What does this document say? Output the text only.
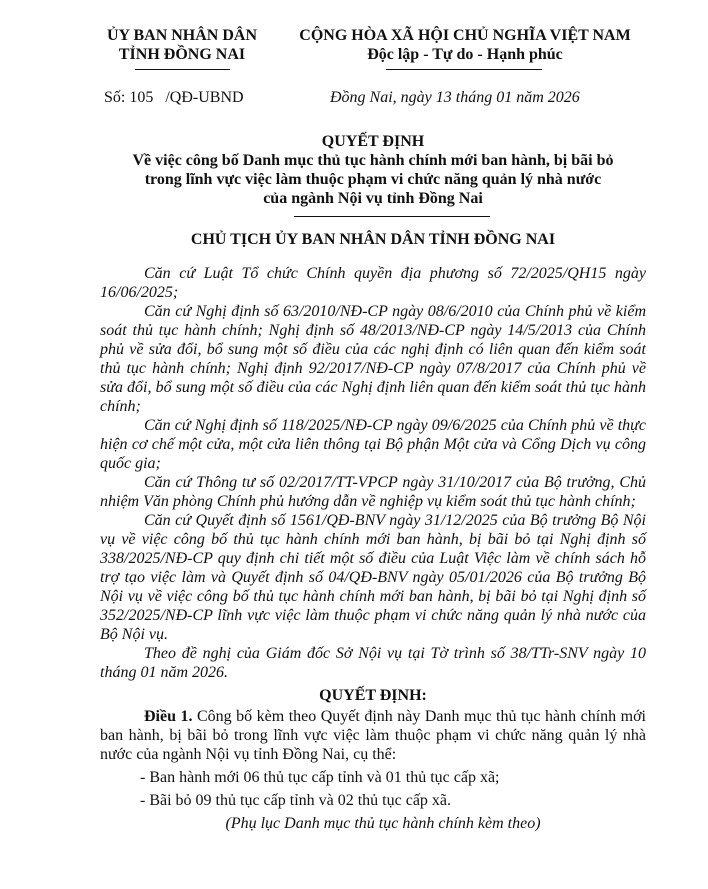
ỦY BAN NHÂN DÂN
TỈNH ĐỒNG NAI
CỘNG HÒA XÃ HỘI CHỦ NGHĨA VIỆT NAM
Độc lập - Tự do - Hạnh phúc
Số: 105 /QĐ-UBND	Đồng Nai, ngày 13 tháng 01 năm 2026
QUYẾT ĐỊNH
Về việc công bố Danh mục thủ tục hành chính mới ban hành, bị bãi bỏ
trong lĩnh vực việc làm thuộc phạm vi chức năng quản lý nhà nước
của ngành Nội vụ tỉnh Đồng Nai
CHỦ TỊCH ỦY BAN NHÂN DÂN TỈNH ĐỒNG NAI

Căn cứ Luật Tổ chức Chính quyền địa phương số 72/2025/QH15 ngày 16/06/2025;

Căn cứ Nghị định số 63/2010/NĐ-CP ngày 08/6/2010 của Chính phủ về kiểm soát thủ tục hành chính; Nghị định số 48/2013/NĐ-CP ngày 14/5/2013 của Chính phủ về sửa đổi, bổ sung một số điều của các nghị định có liên quan đến kiểm soát thủ tục hành chính; Nghị định 92/2017/NĐ-CP ngày 07/8/2017 của Chính phủ về sửa đổi, bổ sung một số điều của các Nghị định liên quan đến kiểm soát thủ tục hành chính;

Căn cứ Nghị định số 118/2025/NĐ-CP ngày 09/6/2025 của Chính phủ về thực hiện cơ chế một cửa, một cửa liên thông tại Bộ phận Một cửa và Cổng Dịch vụ công quốc gia;

Căn cứ Thông tư số 02/2017/TT-VPCP ngày 31/10/2017 của Bộ trưởng, Chủ nhiệm Văn phòng Chính phủ hướng dẫn về nghiệp vụ kiểm soát thủ tục hành chính;

Căn cứ Quyết định số 1561/QĐ-BNV ngày 31/12/2025 của Bộ trưởng Bộ Nội vụ về việc công bố thủ tục hành chính mới ban hành, bị bãi bỏ tại Nghị định số 338/2025/NĐ-CP quy định chi tiết một số điều của Luật Việc làm về chính sách hỗ trợ tạo việc làm và Quyết định số 04/QĐ-BNV ngày 05/01/2026 của Bộ trưởng Bộ Nội vụ về việc công bố thủ tục hành chính mới ban hành, bị bãi bỏ tại Nghị định số 352/2025/NĐ-CP lĩnh vực việc làm thuộc phạm vi chức năng quản lý nhà nước của Bộ Nội vụ.

Theo đề nghị của Giám đốc Sở Nội vụ tại Tờ trình số 38/TTr-SNV ngày 10 tháng 01 năm 2026.

QUYẾT ĐỊNH:

Điều 1. Công bố kèm theo Quyết định này Danh mục thủ tục hành chính mới ban hành, bị bãi bỏ trong lĩnh vực việc làm thuộc phạm vi chức năng quản lý nhà nước của ngành Nội vụ tỉnh Đồng Nai, cụ thể:

- Ban hành mới 06 thủ tục cấp tỉnh và 01 thủ tục cấp xã;

- Bãi bỏ 09 thủ tục cấp tỉnh và 02 thủ tục cấp xã.

(Phụ lục Danh mục thủ tục hành chính kèm theo)
